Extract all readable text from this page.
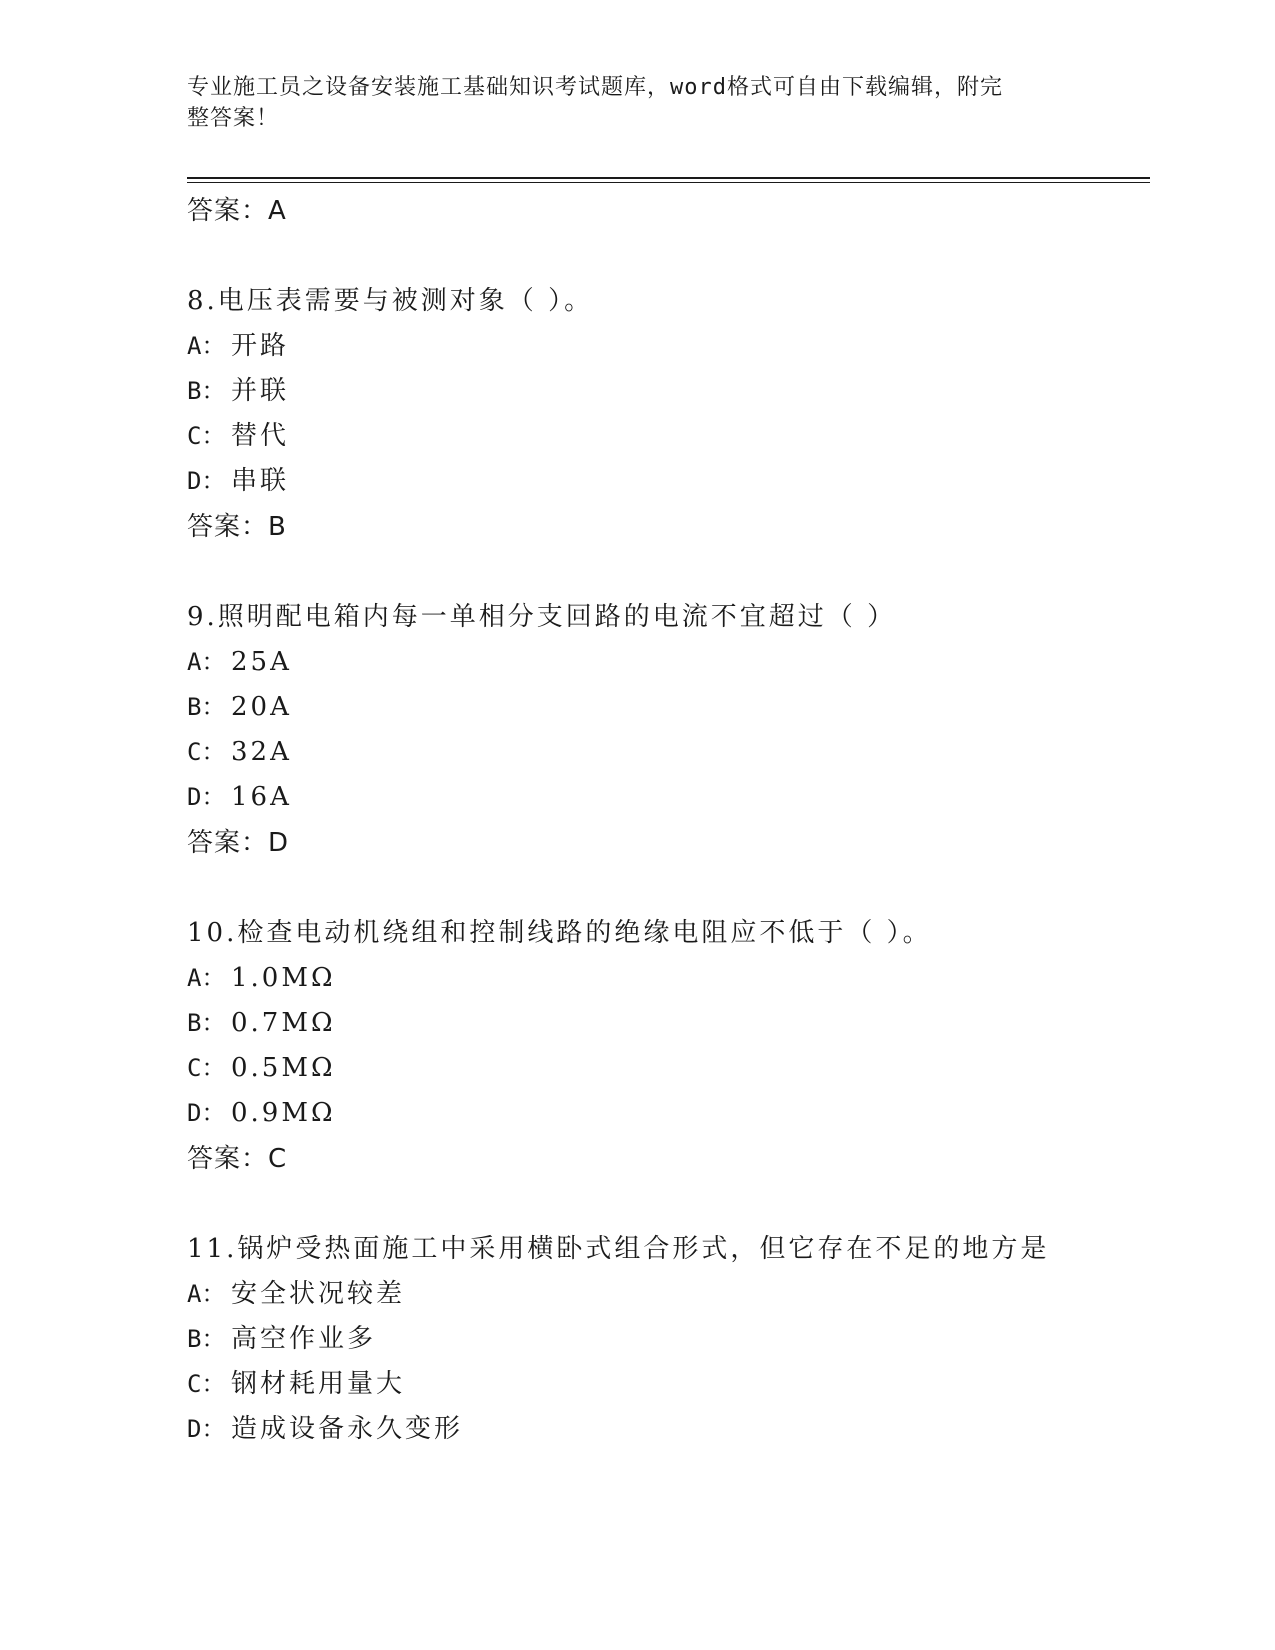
专业施工员之设备安装施工基础知识考试题库，word格式可自由下载编辑，附完
整答案！
答案：A
8.电压表需要与被测对象（ ）。
A： 开路
B： 并联
C： 替代
D： 串联
答案：B
9.照明配电箱内每一单相分支回路的电流不宜超过（ ）
A： 25A
B： 20A
C： 32A
D： 16A
答案：D
10.检查电动机绕组和控制线路的绝缘电阻应不低于（ ）。
A： 1.0MΩ
B： 0.7MΩ
C： 0.5MΩ
D： 0.9MΩ
答案：C
11.锅炉受热面施工中采用横卧式组合形式，但它存在不足的地方是
A： 安全状况较差
B： 高空作业多
C： 钢材耗用量大
D： 造成设备永久变形
